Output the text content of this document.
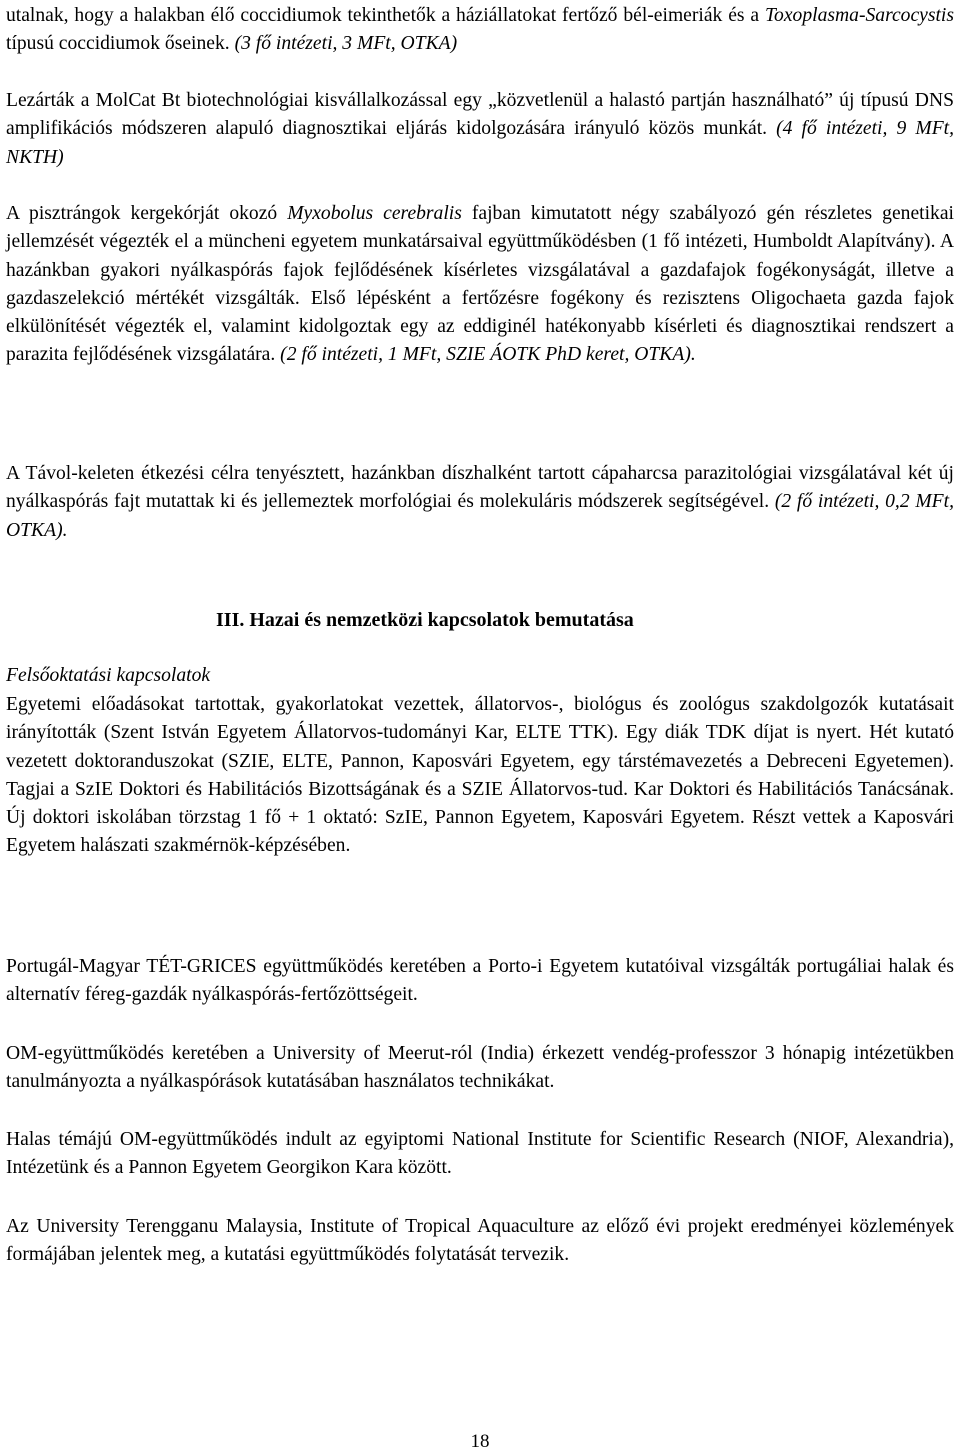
utalnak, hogy a halakban élő coccidiumok tekinthetők a háziállatokat fertőző bél-eimeriák és a Toxoplasma-Sarcocystis típusú coccidiumok őseinek. (3 fő intézeti, 3 MFt, OTKA)

Lezárták a MolCat Bt biotechnológiai kisvállalkozással egy „közvetlenül a halastó partján használható” új típusú DNS amplifikációs módszeren alapuló diagnosztikai eljárás kidolgozására irányuló közös munkát. (4 fő intézeti, 9 MFt, NKTH)

A pisztrángok kergekórját okozó Myxobolus cerebralis fajban kimutatott négy szabályozó gén részletes genetikai jellemzését végezték el a müncheni egyetem munkatársaival együttműködésben (1 fő intézeti, Humboldt Alapítvány). A hazánkban gyakori nyálkaspórás fajok fejlődésének kísérletes vizsgálatával a gazdafajok fogékonyságát, illetve a gazdaszelekció mértékét vizsgálták. Első lépésként a fertőzésre fogékony és rezisztens Oligochaeta gazda fajok elkülönítését végezték el, valamint kidolgoztak egy az eddiginél hatékonyabb kísérleti és diagnosztikai rendszert a parazita fejlődésének vizsgálatára. (2 fő intézeti, 1 MFt, SZIE ÁOTK PhD keret, OTKA).

A Távol-keleten étkezési célra tenyésztett, hazánkban díszhalként tartott cápaharcsa parazitológiai vizsgálatával két új nyálkaspórás fajt mutattak ki és jellemeztek morfológiai és molekuláris módszerek segítségével. (2 fő intézeti, 0,2 MFt, OTKA).

III. Hazai és nemzetközi kapcsolatok bemutatása
Felsőoktatási kapcsolatok

Egyetemi előadásokat tartottak, gyakorlatokat vezettek, állatorvos-, biológus és zoológus szakdolgozók kutatásait irányították (Szent István Egyetem Állatorvos-tudományi Kar, ELTE TTK). Egy diák TDK díjat is nyert. Hét kutató vezetett doktoranduszokat (SZIE, ELTE, Pannon, Kaposvári Egyetem, egy társtémavezetés a Debreceni Egyetemen). Tagjai a SzIE Doktori és Habilitációs Bizottságának és a SZIE Állatorvos-tud. Kar Doktori és Habilitációs Tanácsának. Új doktori iskolában törzstag 1 fő + 1 oktató: SzIE, Pannon Egyetem, Kaposvári Egyetem. Részt vettek a Kaposvári Egyetem halászati szakmérnök-képzésében.

Portugál-Magyar TÉT-GRICES együttműködés keretében a Porto-i Egyetem kutatóival vizsgálták portugáliai halak és alternatív féreg-gazdák nyálkaspórás-fertőzöttségeit.

OM-együttműködés keretében a University of Meerut-ról (India) érkezett vendég-professzor 3 hónapig intézetükben tanulmányozta a nyálkaspórások kutatásában használatos technikákat.

Halas témájú OM-együttműködés indult az egyiptomi National Institute for Scientific Research (NIOF, Alexandria), Intézetünk és a Pannon Egyetem Georgikon Kara között.

Az University Terengganu Malaysia, Institute of Tropical Aquaculture az előző évi projekt eredményei közlemények formájában jelentek meg, a kutatási együttműködés folytatását tervezik.

18
